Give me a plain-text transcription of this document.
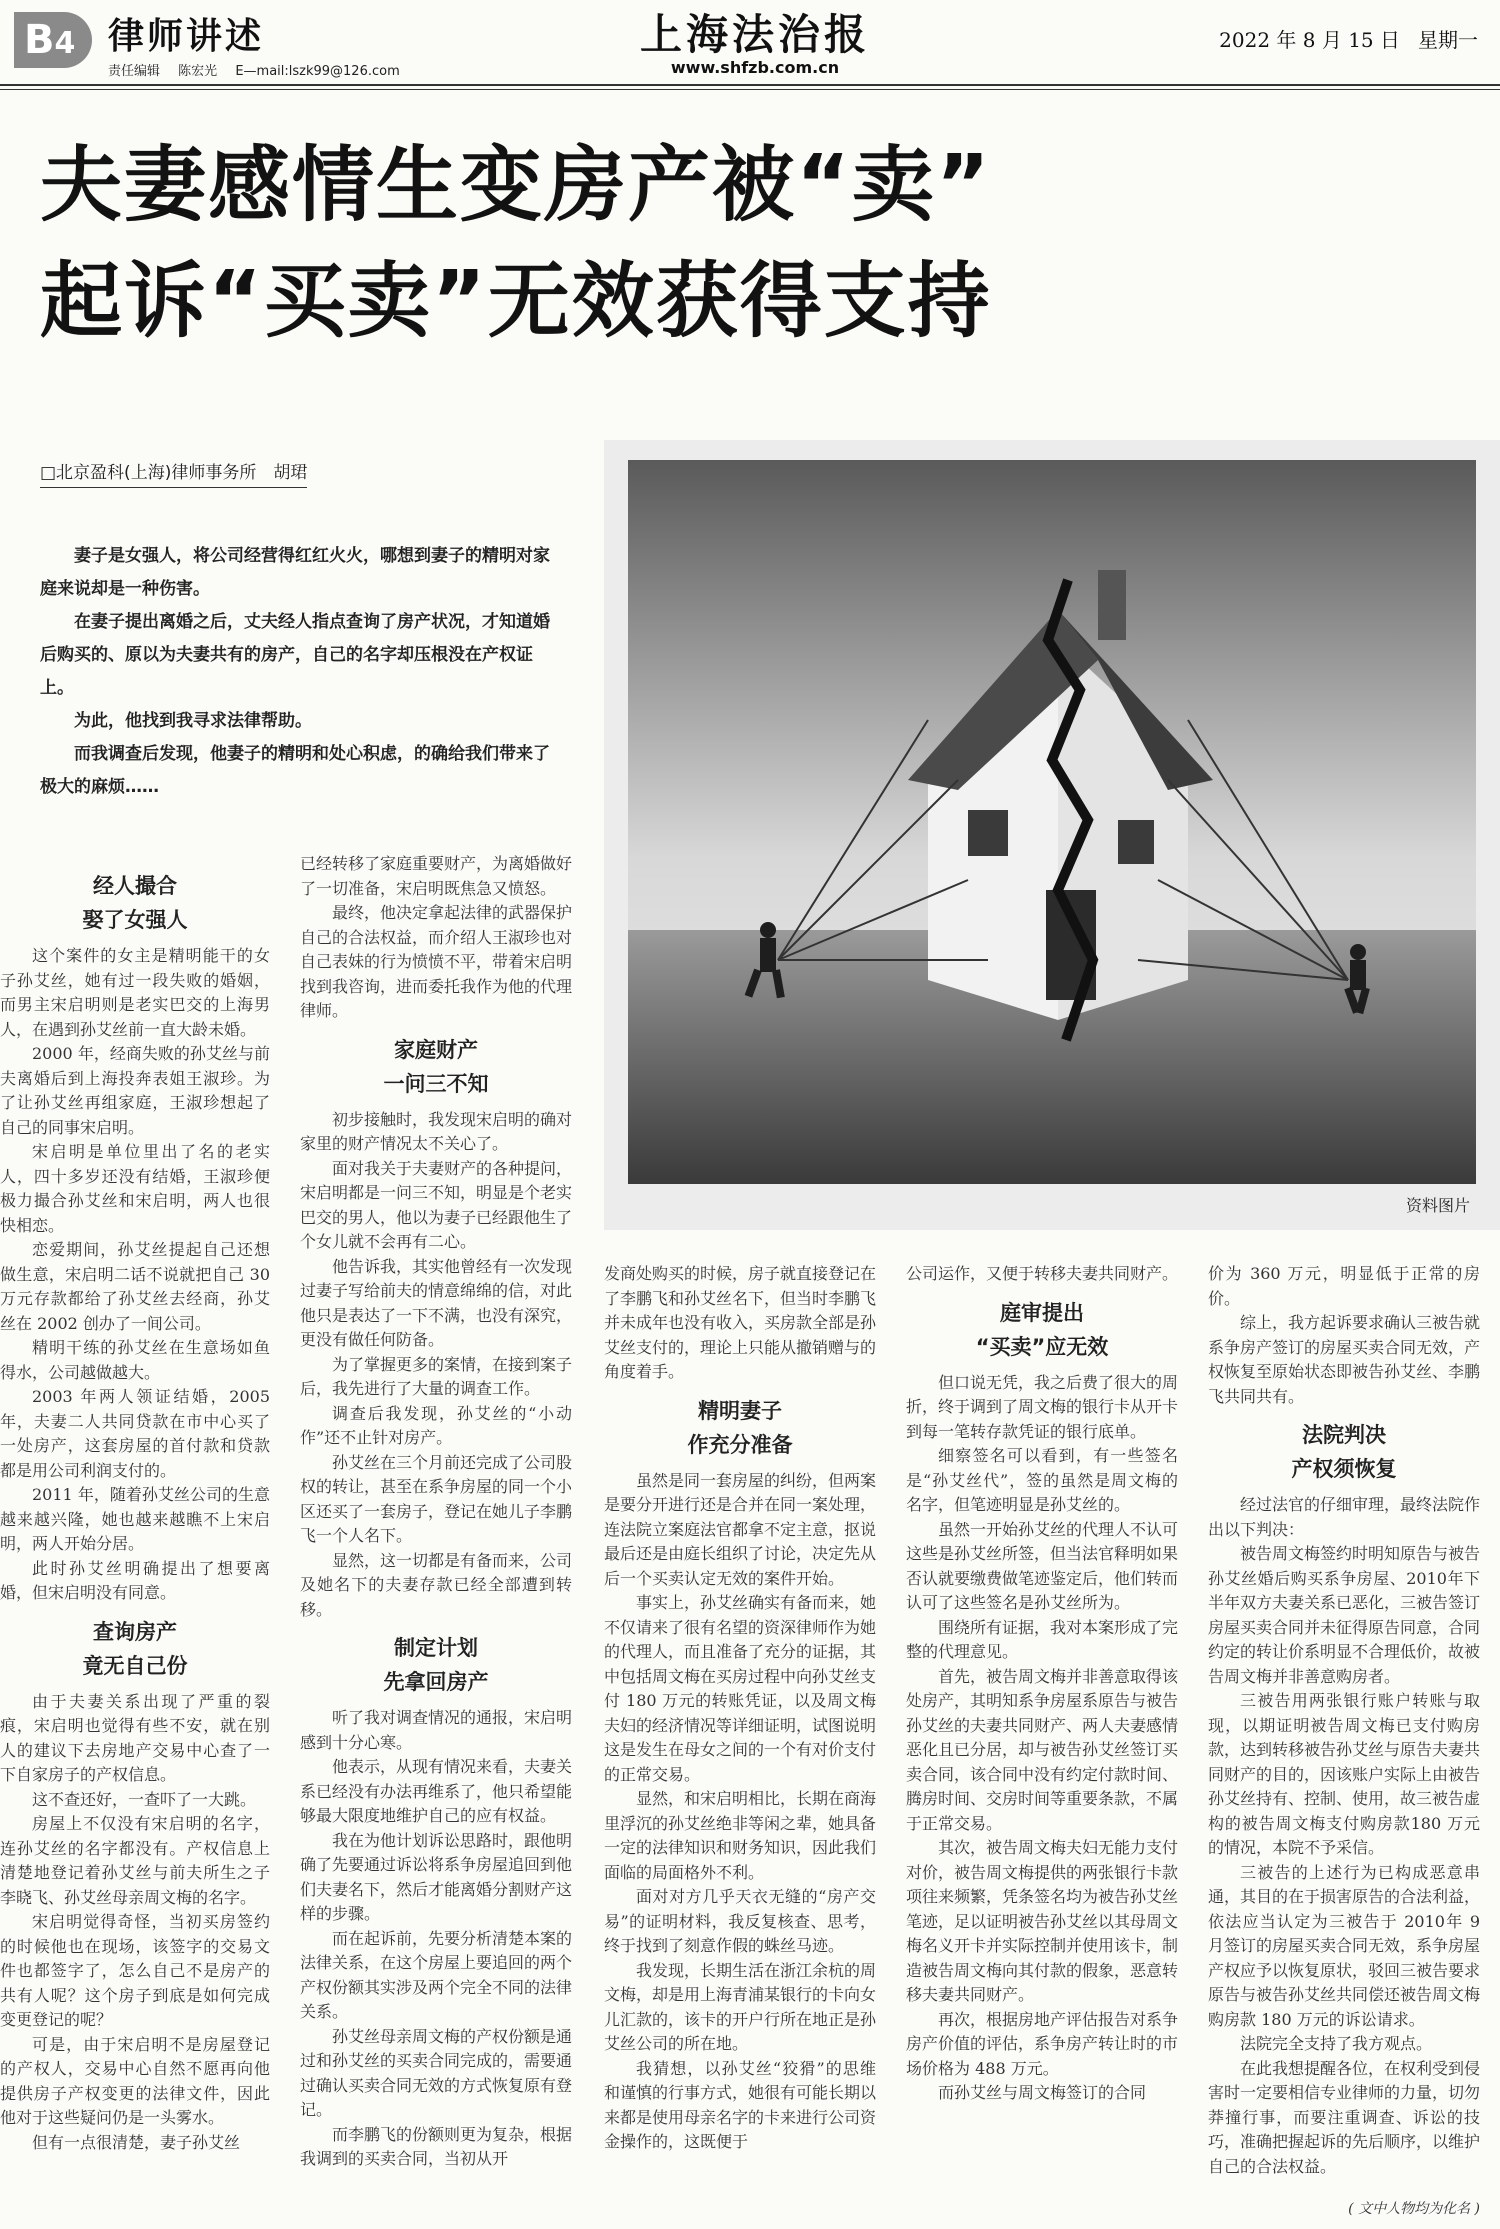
B4 律师讲述
责任编辑 陈宏光 E—mail:lszk99@126.com
上海法治报
www.shfzb.com.cn
2022 年 8 月 15 日 星期一
夫妻感情生变房产被“卖”
起诉“买卖”无效获得支持
□北京盈科(上海)律师事务所　胡珺

妻子是女强人，将公司经营得红红火火，哪想到妻子的精明对家庭来说却是一种伤害。

在妻子提出离婚之后，丈夫经人指点查询了房产状况，才知道婚后购买的、原以为夫妻共有的房产，自己的名字却压根没在产权证上。

为此，他找到我寻求法律帮助。

而我调查后发现，他妻子的精明和处心积虑，的确给我们带来了极大的麻烦……

资料图片
经人撮合
娶了女强人

这个案件的女主是精明能干的女子孙艾丝，她有过一段失败的婚姻，而男主宋启明则是老实巴交的上海男人，在遇到孙艾丝前一直大龄未婚。

2000 年，经商失败的孙艾丝与前夫离婚后到上海投奔表姐王淑珍。为了让孙艾丝再组家庭，王淑珍想起了自己的同事宋启明。

宋启明是单位里出了名的老实人，四十多岁还没有结婚，王淑珍便极力撮合孙艾丝和宋启明，两人也很快相恋。

恋爱期间，孙艾丝提起自己还想做生意，宋启明二话不说就把自己 30 万元存款都给了孙艾丝去经商，孙艾丝在 2002 创办了一间公司。

精明干练的孙艾丝在生意场如鱼得水，公司越做越大。

2003 年两人领证结婚，2005年，夫妻二人共同贷款在市中心买了一处房产，这套房屋的首付款和贷款都是用公司利润支付的。

2011 年，随着孙艾丝公司的生意越来越兴隆，她也越来越瞧不上宋启明，两人开始分居。

此时孙艾丝明确提出了想要离婚，但宋启明没有同意。

查询房产
竟无自己份

由于夫妻关系出现了严重的裂痕，宋启明也觉得有些不安，就在别人的建议下去房地产交易中心查了一下自家房子的产权信息。

这不查还好，一查吓了一大跳。

房屋上不仅没有宋启明的名字，连孙艾丝的名字都没有。产权信息上清楚地登记着孙艾丝与前夫所生之子李晓飞、孙艾丝母亲周文梅的名字。

宋启明觉得奇怪，当初买房签约的时候他也在现场，该签字的交易文件也都签字了，怎么自己不是房产的共有人呢？这个房子到底是如何完成变更登记的呢？

可是，由于宋启明不是房屋登记的产权人，交易中心自然不愿再向他提供房子产权变更的法律文件，因此他对于这些疑问仍是一头雾水。

但有一点很清楚，妻子孙艾丝

已经转移了家庭重要财产，为离婚做好了一切准备，宋启明既焦急又愤怒。

最终，他决定拿起法律的武器保护自己的合法权益，而介绍人王淑珍也对自己表妹的行为愤愤不平，带着宋启明找到我咨询，进而委托我作为他的代理律师。

家庭财产
一问三不知

初步接触时，我发现宋启明的确对家里的财产情况太不关心了。

面对我关于夫妻财产的各种提问，宋启明都是一问三不知，明显是个老实巴交的男人，他以为妻子已经跟他生了个女儿就不会再有二心。

他告诉我，其实他曾经有一次发现过妻子写给前夫的情意绵绵的信，对此他只是表达了一下不满，也没有深究，更没有做任何防备。

为了掌握更多的案情，在接到案子后，我先进行了大量的调查工作。

调查后我发现，孙艾丝的“小动作”还不止针对房产。

孙艾丝在三个月前还完成了公司股权的转让，甚至在系争房屋的同一个小区还买了一套房子，登记在她儿子李鹏飞一个人名下。

显然，这一切都是有备而来，公司及她名下的夫妻存款已经全部遭到转移。

制定计划
先拿回房产

听了我对调查情况的通报，宋启明感到十分心寒。

他表示，从现有情况来看，夫妻关系已经没有办法再维系了，他只希望能够最大限度地维护自己的应有权益。

我在为他计划诉讼思路时，跟他明确了先要通过诉讼将系争房屋追回到他们夫妻名下，然后才能离婚分割财产这样的步骤。

而在起诉前，先要分析清楚本案的法律关系，在这个房屋上要追回的两个产权份额其实涉及两个完全不同的法律关系。

孙艾丝母亲周文梅的产权份额是通过和孙艾丝的买卖合同完成的，需要通过确认买卖合同无效的方式恢复原有登记。

而李鹏飞的份额则更为复杂，根据我调到的买卖合同，当初从开

发商处购买的时候，房子就直接登记在了李鹏飞和孙艾丝名下，但当时李鹏飞并未成年也没有收入，买房款全部是孙艾丝支付的，理论上只能从撤销赠与的角度着手。

精明妻子
作充分准备

虽然是同一套房屋的纠纷，但两案是要分开进行还是合并在同一案处理，连法院立案庭法官都拿不定主意，抠说最后还是由庭长组织了讨论，决定先从后一个买卖认定无效的案件开始。

事实上，孙艾丝确实有备而来，她不仅请来了很有名望的资深律师作为她的代理人，而且准备了充分的证据，其中包括周文梅在买房过程中向孙艾丝支付 180 万元的转账凭证，以及周文梅夫妇的经济情况等详细证明，试图说明这是发生在母女之间的一个有对价支付的正常交易。

显然，和宋启明相比，长期在商海里浮沉的孙艾丝绝非等闲之辈，她具备一定的法律知识和财务知识，因此我们面临的局面格外不利。

面对对方几乎天衣无缝的“房产交易”的证明材料，我反复核查、思考，终于找到了刻意作假的蛛丝马迹。

我发现，长期生活在浙江余杭的周文梅，却是用上海青浦某银行的卡向女儿汇款的，该卡的开户行所在地正是孙艾丝公司的所在地。

我猜想，以孙艾丝“狡猾”的思维和谨慎的行事方式，她很有可能长期以来都是使用母亲名字的卡来进行公司资金操作的，这既便于

公司运作，又便于转移夫妻共同财产。

庭审提出
“买卖”应无效

但口说无凭，我之后费了很大的周折，终于调到了周文梅的银行卡从开卡到每一笔转存款凭证的银行底单。

细察签名可以看到，有一些签名是“孙艾丝代”，签的虽然是周文梅的名字，但笔迹明显是孙艾丝的。

虽然一开始孙艾丝的代理人不认可这些是孙艾丝所签，但当法官释明如果否认就要缴费做笔迹鉴定后，他们转而认可了这些签名是孙艾丝所为。

围绕所有证据，我对本案形成了完整的代理意见。

首先，被告周文梅并非善意取得该处房产，其明知系争房屋系原告与被告孙艾丝的夫妻共同财产、两人夫妻感情恶化且已分居，却与被告孙艾丝签订买卖合同，该合同中没有约定付款时间、腾房时间、交房时间等重要条款，不属于正常交易。

其次，被告周文梅夫妇无能力支付对价，被告周文梅提供的两张银行卡款项往来频繁，凭条签名均为被告孙艾丝笔迹，足以证明被告孙艾丝以其母周文梅名义开卡并实际控制并使用该卡，制造被告周文梅向其付款的假象，恶意转移夫妻共同财产。

再次，根据房地产评估报告对系争房产价值的评估，系争房产转让时的市场价格为 488 万元。

而孙艾丝与周文梅签订的合同

价为 360 万元，明显低于正常的房价。

综上，我方起诉要求确认三被告就系争房产签订的房屋买卖合同无效，产权恢复至原始状态即被告孙艾丝、李鹏飞共同共有。

法院判决
产权须恢复

经过法官的仔细审理，最终法院作出以下判决：

被告周文梅签约时明知原告与被告孙艾丝婚后购买系争房屋、2010年下半年双方夫妻关系已恶化，三被告签订房屋买卖合同并未征得原告同意，合同约定的转让价系明显不合理低价，故被告周文梅并非善意购房者。

三被告用两张银行账户转账与取现，以期证明被告周文梅已支付购房款，达到转移被告孙艾丝与原告夫妻共同财产的目的，因该账户实际上由被告孙艾丝持有、控制、使用，故三被告虚构的被告周文梅支付购房款180 万元的情况，本院不予采信。

三被告的上述行为已构成恶意串通，其目的在于损害原告的合法利益，依法应当认定为三被告于 2010年 9 月签订的房屋买卖合同无效，系争房屋产权应予以恢复原状，驳回三被告要求原告与被告孙艾丝共同偿还被告周文梅购房款 180 万元的诉讼请求。

法院完全支持了我方观点。

在此我想提醒各位，在权利受到侵害时一定要相信专业律师的力量，切勿莽撞行事，而要注重调查、诉讼的技巧，准确把握起诉的先后顺序，以维护自己的合法权益。

( 文中人物均为化名 )
